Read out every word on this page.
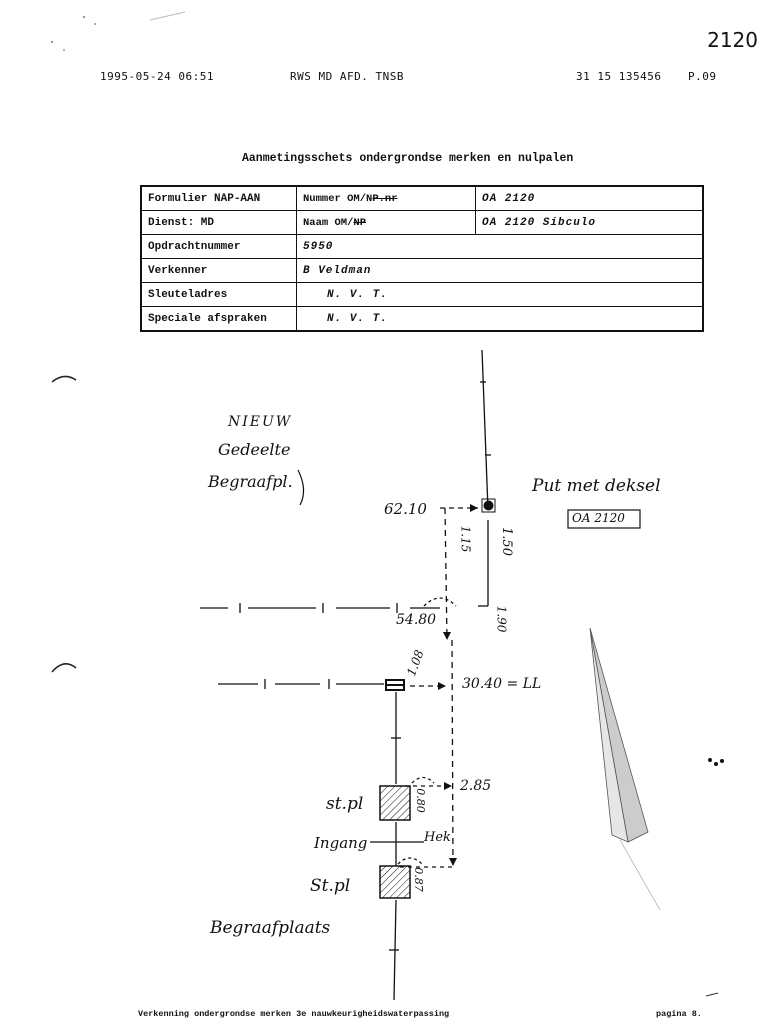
2120
1995-05-24 06:51	RWS MD AFD. TNSB	31 15 135456 P.09
Aanmetingsschets ondergrondse merken en nulpalen
Formulier NAP-AAN	Nummer OM/NP.nr	OA 2120
Dienst: MD	Naam OM/NP	OA 2120 Sibculo
Opdrachtnummer	5950	
Verkenner	B Veldman	
Sleuteladres	N. V. T.	
Speciale afspraken	N. V. T.	
NIEUW
Gedeelte
Begraafpl.	Put met deksel
OA 2120
62.10
1.15 1.50
54.80	1.90
1.08
30.40 = LL
2.85
0.80
0.87
st.pl
Ingang	Hek
St.pl
Begraafplaats
Verkenning ondergrondse merken 3e nauwkeurigheidswaterpassing	pagina 8.
